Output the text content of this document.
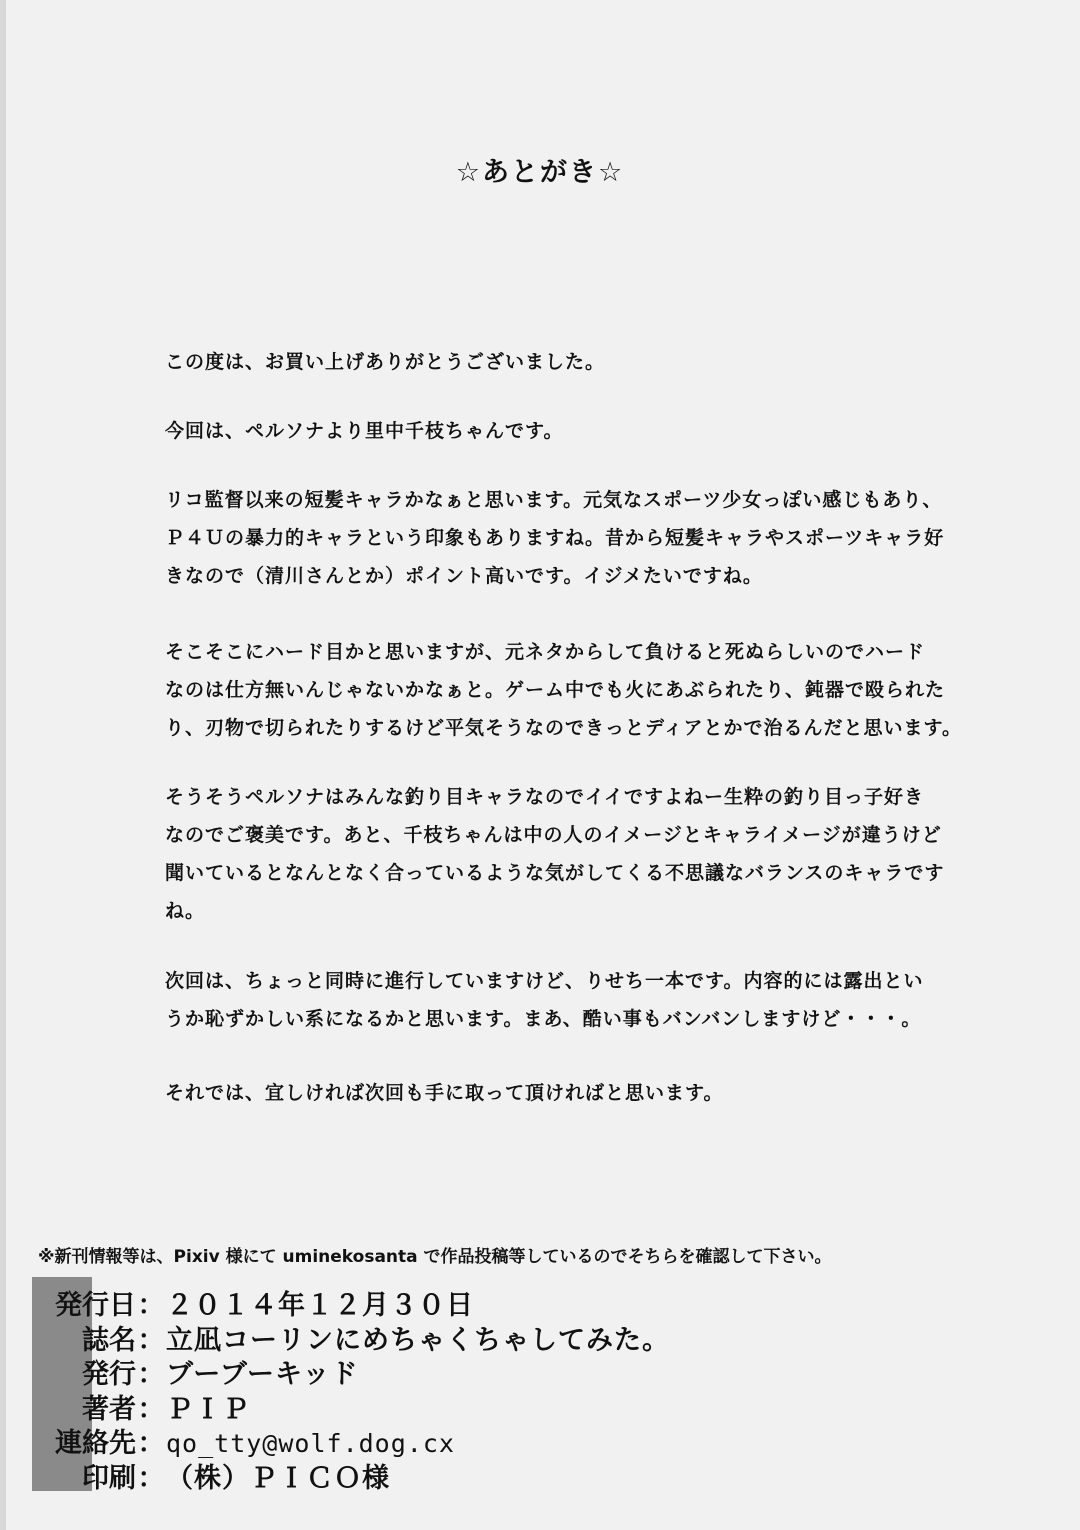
☆あとがき☆
この度は、お買い上げありがとうございました。
今回は、ペルソナより里中千枝ちゃんです。
リコ監督以来の短髪キャラかなぁと思います。元気なスポーツ少女っぽい感じもあり、
Ｐ４Ｕの暴力的キャラという印象もありますね。昔から短髪キャラやスポーツキャラ好
きなので（清川さんとか）ポイント高いです。イジメたいですね。
そこそこにハード目かと思いますが、元ネタからして負けると死ぬらしいのでハード
なのは仕方無いんじゃないかなぁと。ゲーム中でも火にあぶられたり、鈍器で殴られた
り、刃物で切られたりするけど平気そうなのできっとディアとかで治るんだと思います。
そうそうペルソナはみんな釣り目キャラなのでイイですよねー生粋の釣り目っ子好き
なのでご褒美です。あと、千枝ちゃんは中の人のイメージとキャライメージが違うけど
聞いているとなんとなく合っているような気がしてくる不思議なバランスのキャラです
ね。
次回は、ちょっと同時に進行していますけど、りせち一本です。内容的には露出とい
うか恥ずかしい系になるかと思います。まあ、酷い事もバンバンしますけど・・・。
それでは、宜しければ次回も手に取って頂ければと思います。
※新刊情報等は、Pixiv 様にて uminekosanta で作品投稿等しているのでそちらを確認して下さい。
発行日 ： ２０１４年１２月３０日
誌名 ： 立凪コーリンにめちゃくちゃしてみた。
発行 ： ブーブーキッド
著者 ： ＰＩＰ
連絡先 ： qo_tty@wolf.dog.cx
印刷 ： （株）ＰＩＣＯ様
